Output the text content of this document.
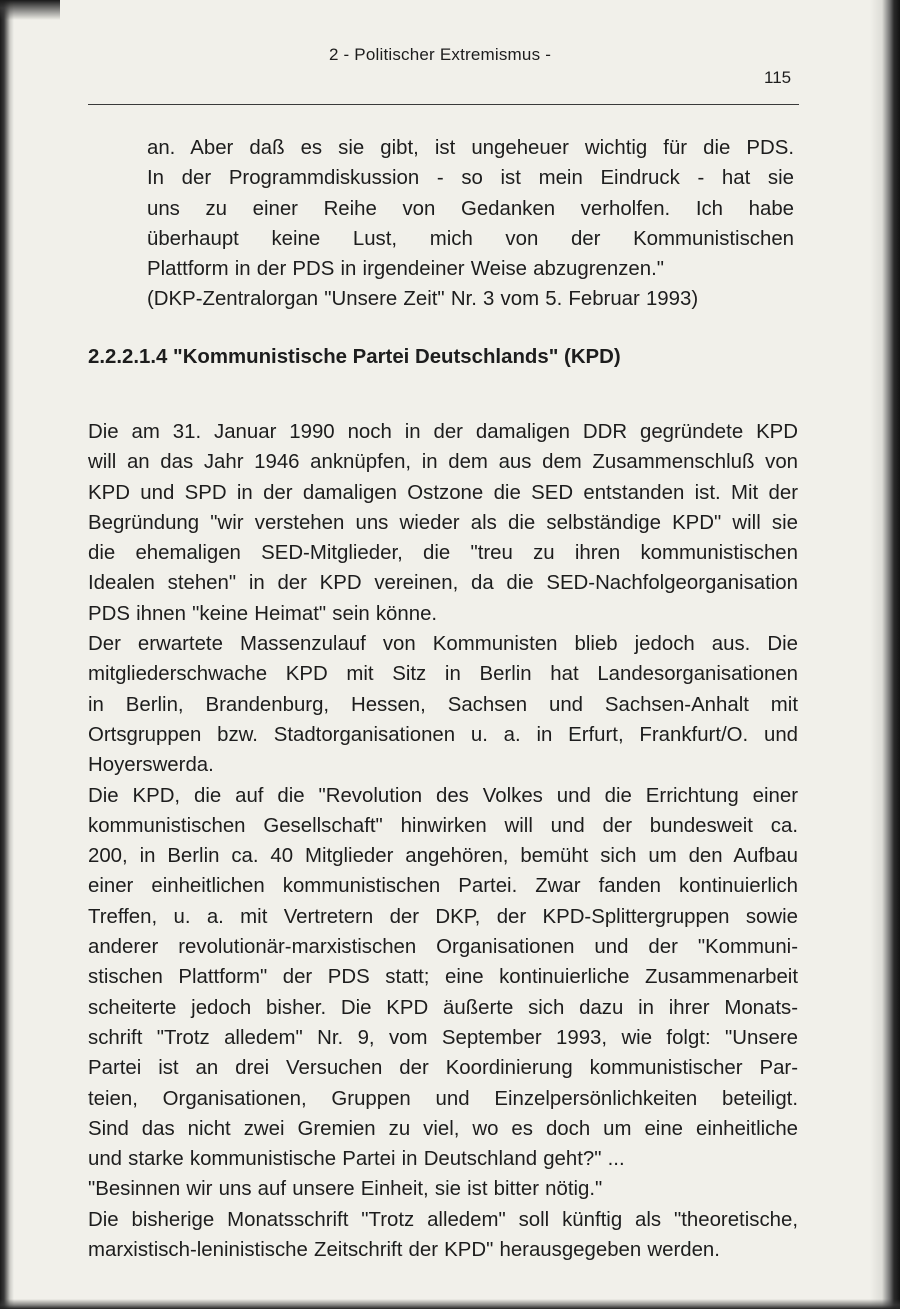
2 - Politischer Extremismus -
115
an. Aber daß es sie gibt, ist ungeheuer wichtig für die PDS.
In der Programmdiskussion - so ist mein Eindruck - hat sie
uns zu einer Reihe von Gedanken verholfen. Ich habe
überhaupt keine Lust, mich von der Kommunistischen
Plattform in der PDS in irgendeiner Weise abzugrenzen."
(DKP-Zentralorgan "Unsere Zeit" Nr. 3 vom 5. Februar 1993)
2.2.2.1.4 "Kommunistische Partei Deutschlands" (KPD)
Die am 31. Januar 1990 noch in der damaligen DDR gegründete KPD
will an das Jahr 1946 anknüpfen, in dem aus dem Zusammenschluß von
KPD und SPD in der damaligen Ostzone die SED entstanden ist. Mit der
Begründung "wir verstehen uns wieder als die selbständige KPD" will sie
die ehemaligen SED-Mitglieder, die "treu zu ihren kommunistischen
Idealen stehen" in der KPD vereinen, da die SED-Nachfolgeorganisation
PDS ihnen "keine Heimat" sein könne.
Der erwartete Massenzulauf von Kommunisten blieb jedoch aus. Die
mitgliederschwache KPD mit Sitz in Berlin hat Landesorganisationen
in Berlin, Brandenburg, Hessen, Sachsen und Sachsen-Anhalt mit
Ortsgruppen bzw. Stadtorganisationen u. a. in Erfurt, Frankfurt/O. und
Hoyerswerda.
Die KPD, die auf die "Revolution des Volkes und die Errichtung einer
kommunistischen Gesellschaft" hinwirken will und der bundesweit ca.
200, in Berlin ca. 40 Mitglieder angehören, bemüht sich um den Aufbau
einer einheitlichen kommunistischen Partei. Zwar fanden kontinuierlich
Treffen, u. a. mit Vertretern der DKP, der KPD-Splittergruppen sowie
anderer revolutionär-marxistischen Organisationen und der "Kommuni-
stischen Plattform" der PDS statt; eine kontinuierliche Zusammenarbeit
scheiterte jedoch bisher. Die KPD äußerte sich dazu in ihrer Monats-
schrift "Trotz alledem" Nr. 9, vom September 1993, wie folgt: "Unsere
Partei ist an drei Versuchen der Koordinierung kommunistischer Par-
teien, Organisationen, Gruppen und Einzelpersönlichkeiten beteiligt.
Sind das nicht zwei Gremien zu viel, wo es doch um eine einheitliche
und starke kommunistische Partei in Deutschland geht?" ...
"Besinnen wir uns auf unsere Einheit, sie ist bitter nötig."
Die bisherige Monatsschrift "Trotz alledem" soll künftig als "theoretische,
marxistisch-leninistische Zeitschrift der KPD" herausgegeben werden.
